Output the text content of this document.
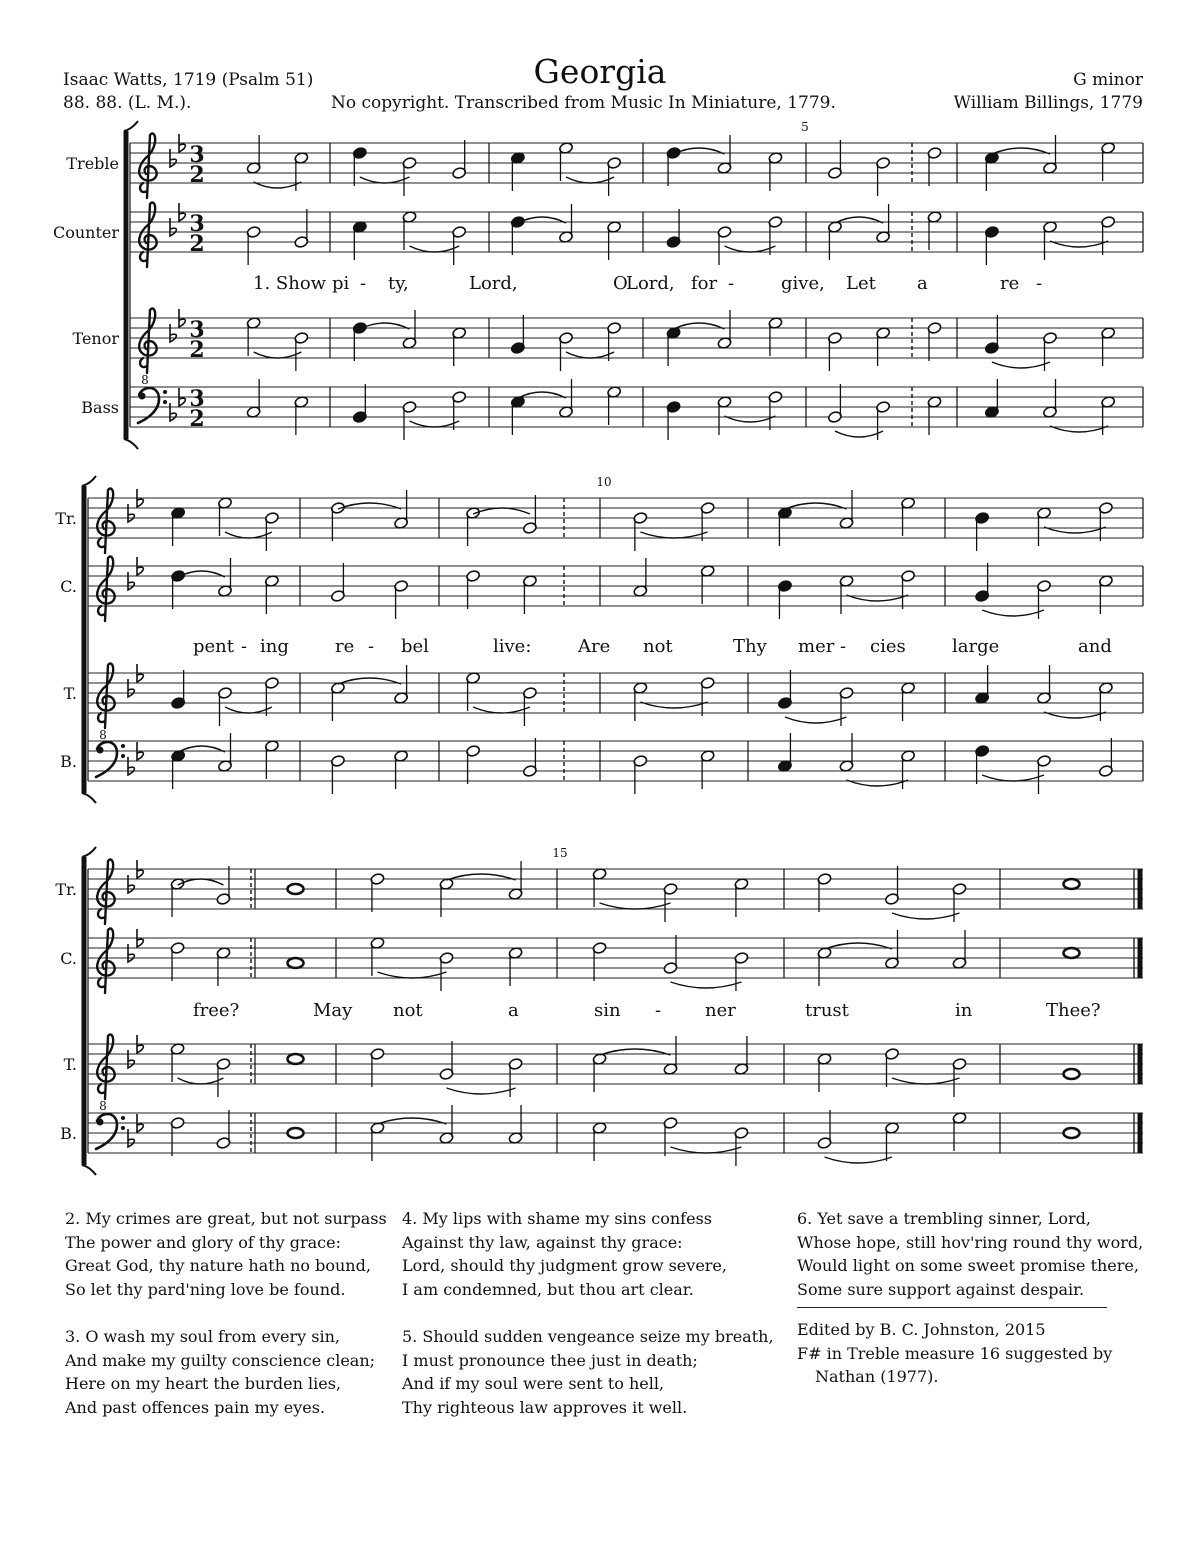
Isaac Watts, 1719 (Psalm 51)
88. 88. (L. M.).
Georgia
No copyright. Transcribed from Music In Miniature, 1779.
G minor
William Billings, 1779
Treble	3
2
Counter	3
2
Tenor
8
3
2
Bass	3
2
5
1. Show pi - ty,	Lord,	O
Lord, for -	give, Let a	re -
Tr.
C.
T.
8
B.
10
pent - ing	re - bel	live:	Are not	Thy mer - cies	large	and
Tr.
C.
T.
8
B.
15
free?	May not	a	sin - ner	trust	in	Thee?

2. My crimes are great, but not surpass

The power and glory of thy grace:

Great God, thy nature hath no bound,

So let thy pard'ning love be found.

3. O wash my soul from every sin,

And make my guilty conscience clean;

Here on my heart the burden lies,

And past offences pain my eyes.

4. My lips with shame my sins confess

Against thy law, against thy grace:

Lord, should thy judgment grow severe,

I am condemned, but thou art clear.

5. Should sudden vengeance seize my breath,

I must pronounce thee just in death;

And if my soul were sent to hell,

Thy righteous law approves it well.

6. Yet save a trembling sinner, Lord,

Whose hope, still hov'ring round thy word,

Would light on some sweet promise there,

Some sure support against despair.

Edited by B. C. Johnston, 2015

F# in Treble measure 16 suggested by

Nathan (1977).
